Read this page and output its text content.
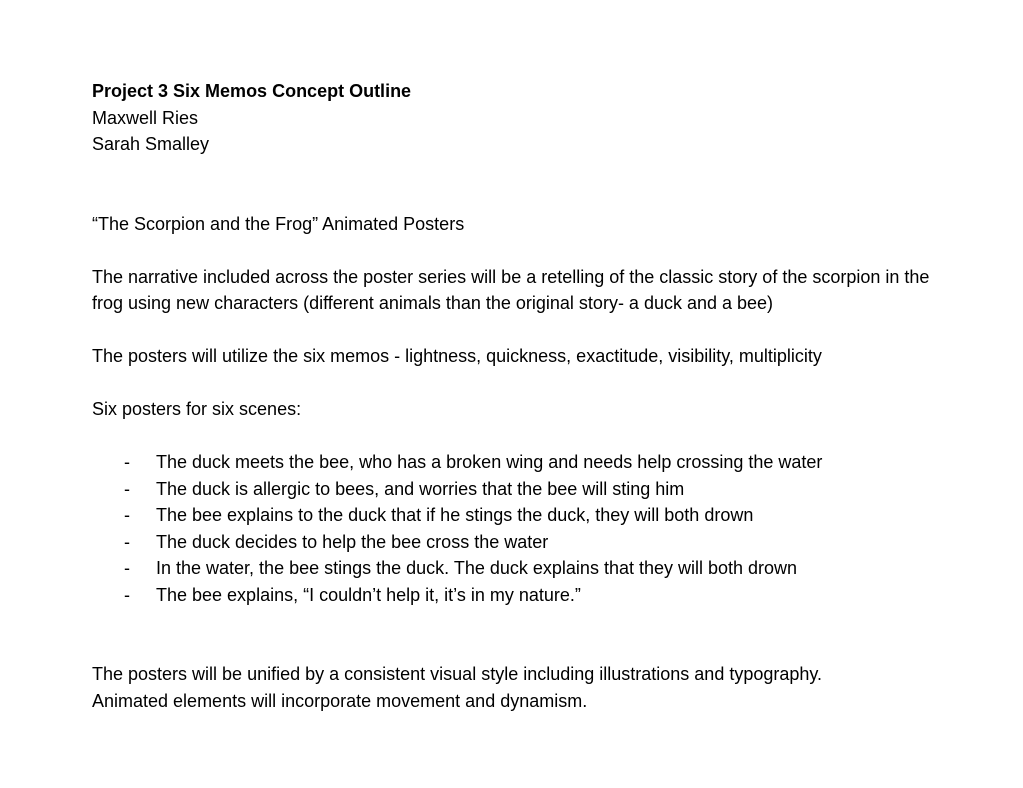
Project 3 Six Memos Concept Outline

Maxwell Ries

Sarah Smalley

“The Scorpion and the Frog” Animated Posters

The narrative included across the poster series will be a retelling of the classic story of the scorpion in the frog using new characters (different animals than the original story- a duck and a bee)

The posters will utilize the six memos - lightness, quickness, exactitude, visibility, multiplicity

Six posters for six scenes:

- The duck meets the bee, who has a broken wing and needs help crossing the water
- The duck is allergic to bees, and worries that the bee will sting him
- The bee explains to the duck that if he stings the duck, they will both drown
- The duck decides to help the bee cross the water
- In the water, the bee stings the duck. The duck explains that they will both drown
- The bee explains, “I couldn’t help it, it’s in my nature.”

The posters will be unified by a consistent visual style including illustrations and typography.

Animated elements will incorporate movement and dynamism.
